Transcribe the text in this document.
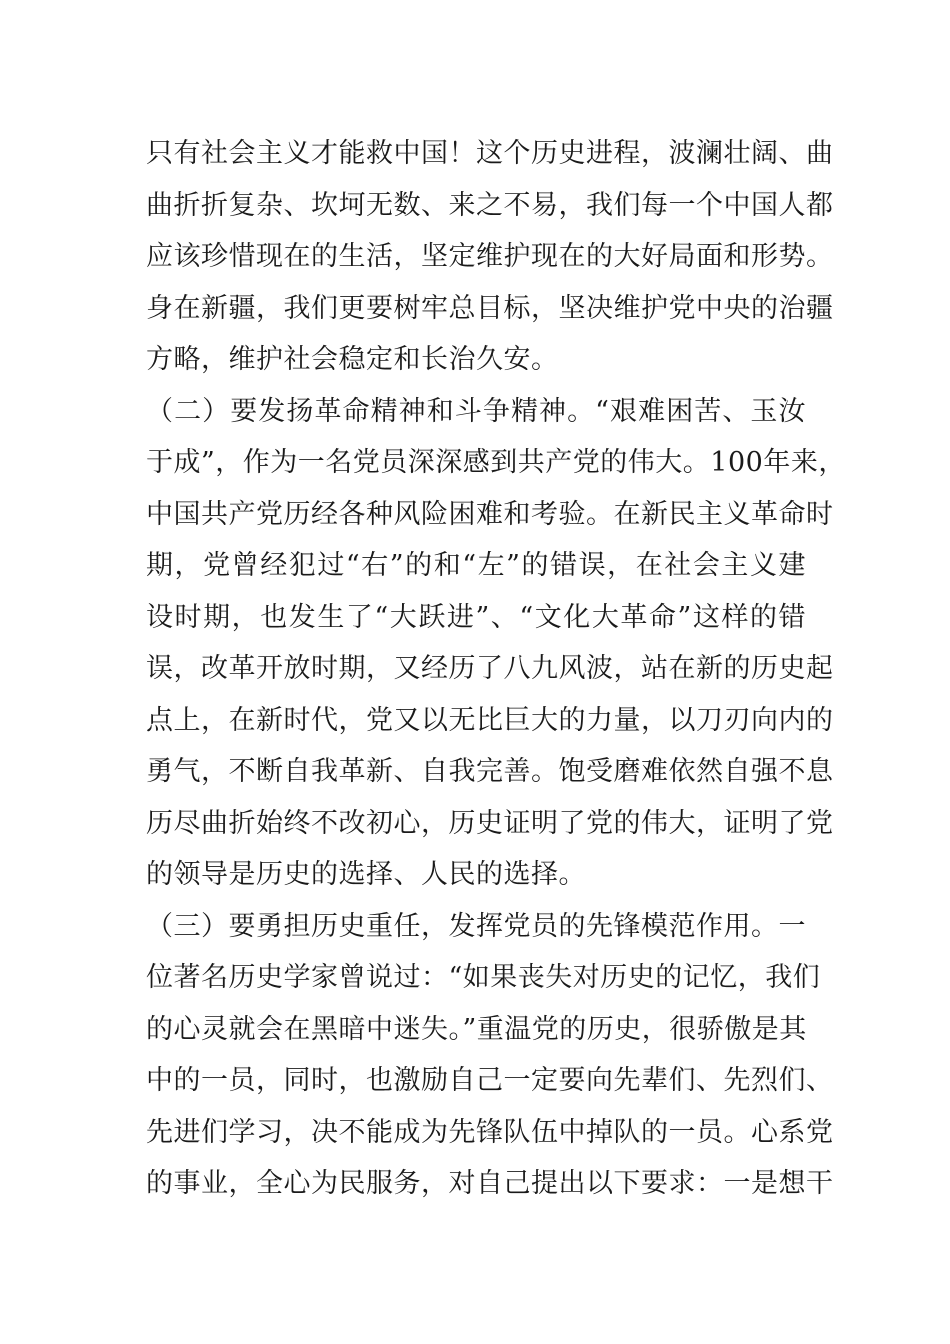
只有社会主义才能救中国！这个历史进程，波澜壮阔、曲
曲折折复杂、坎坷无数、来之不易，我们每一个中国人都
应该珍惜现在的生活，坚定维护现在的大好局面和形势。
身在新疆，我们更要树牢总目标，坚决维护党中央的治疆
方略，维护社会稳定和长治久安。
（二）要发扬革命精神和斗争精神。“艰难困苦、玉汝
于成”，作为一名党员深深感到共产党的伟大。100年来，
中国共产党历经各种风险困难和考验。在新民主义革命时
期，党曾经犯过“右”的和“左”的错误，在社会主义建
设时期，也发生了“大跃进”、“文化大革命”这样的错
误，改革开放时期，又经历了八九风波，站在新的历史起
点上，在新时代，党又以无比巨大的力量，以刀刃向内的
勇气，不断自我革新、自我完善。饱受磨难依然自强不息
历尽曲折始终不改初心，历史证明了党的伟大，证明了党
的领导是历史的选择、人民的选择。
（三）要勇担历史重任，发挥党员的先锋模范作用。一
位著名历史学家曾说过：“如果丧失对历史的记忆，我们
的心灵就会在黑暗中迷失。”重温党的历史，很骄傲是其
中的一员，同时，也激励自己一定要向先辈们、先烈们、
先进们学习，决不能成为先锋队伍中掉队的一员。心系党
的事业，全心为民服务，对自己提出以下要求：一是想干
